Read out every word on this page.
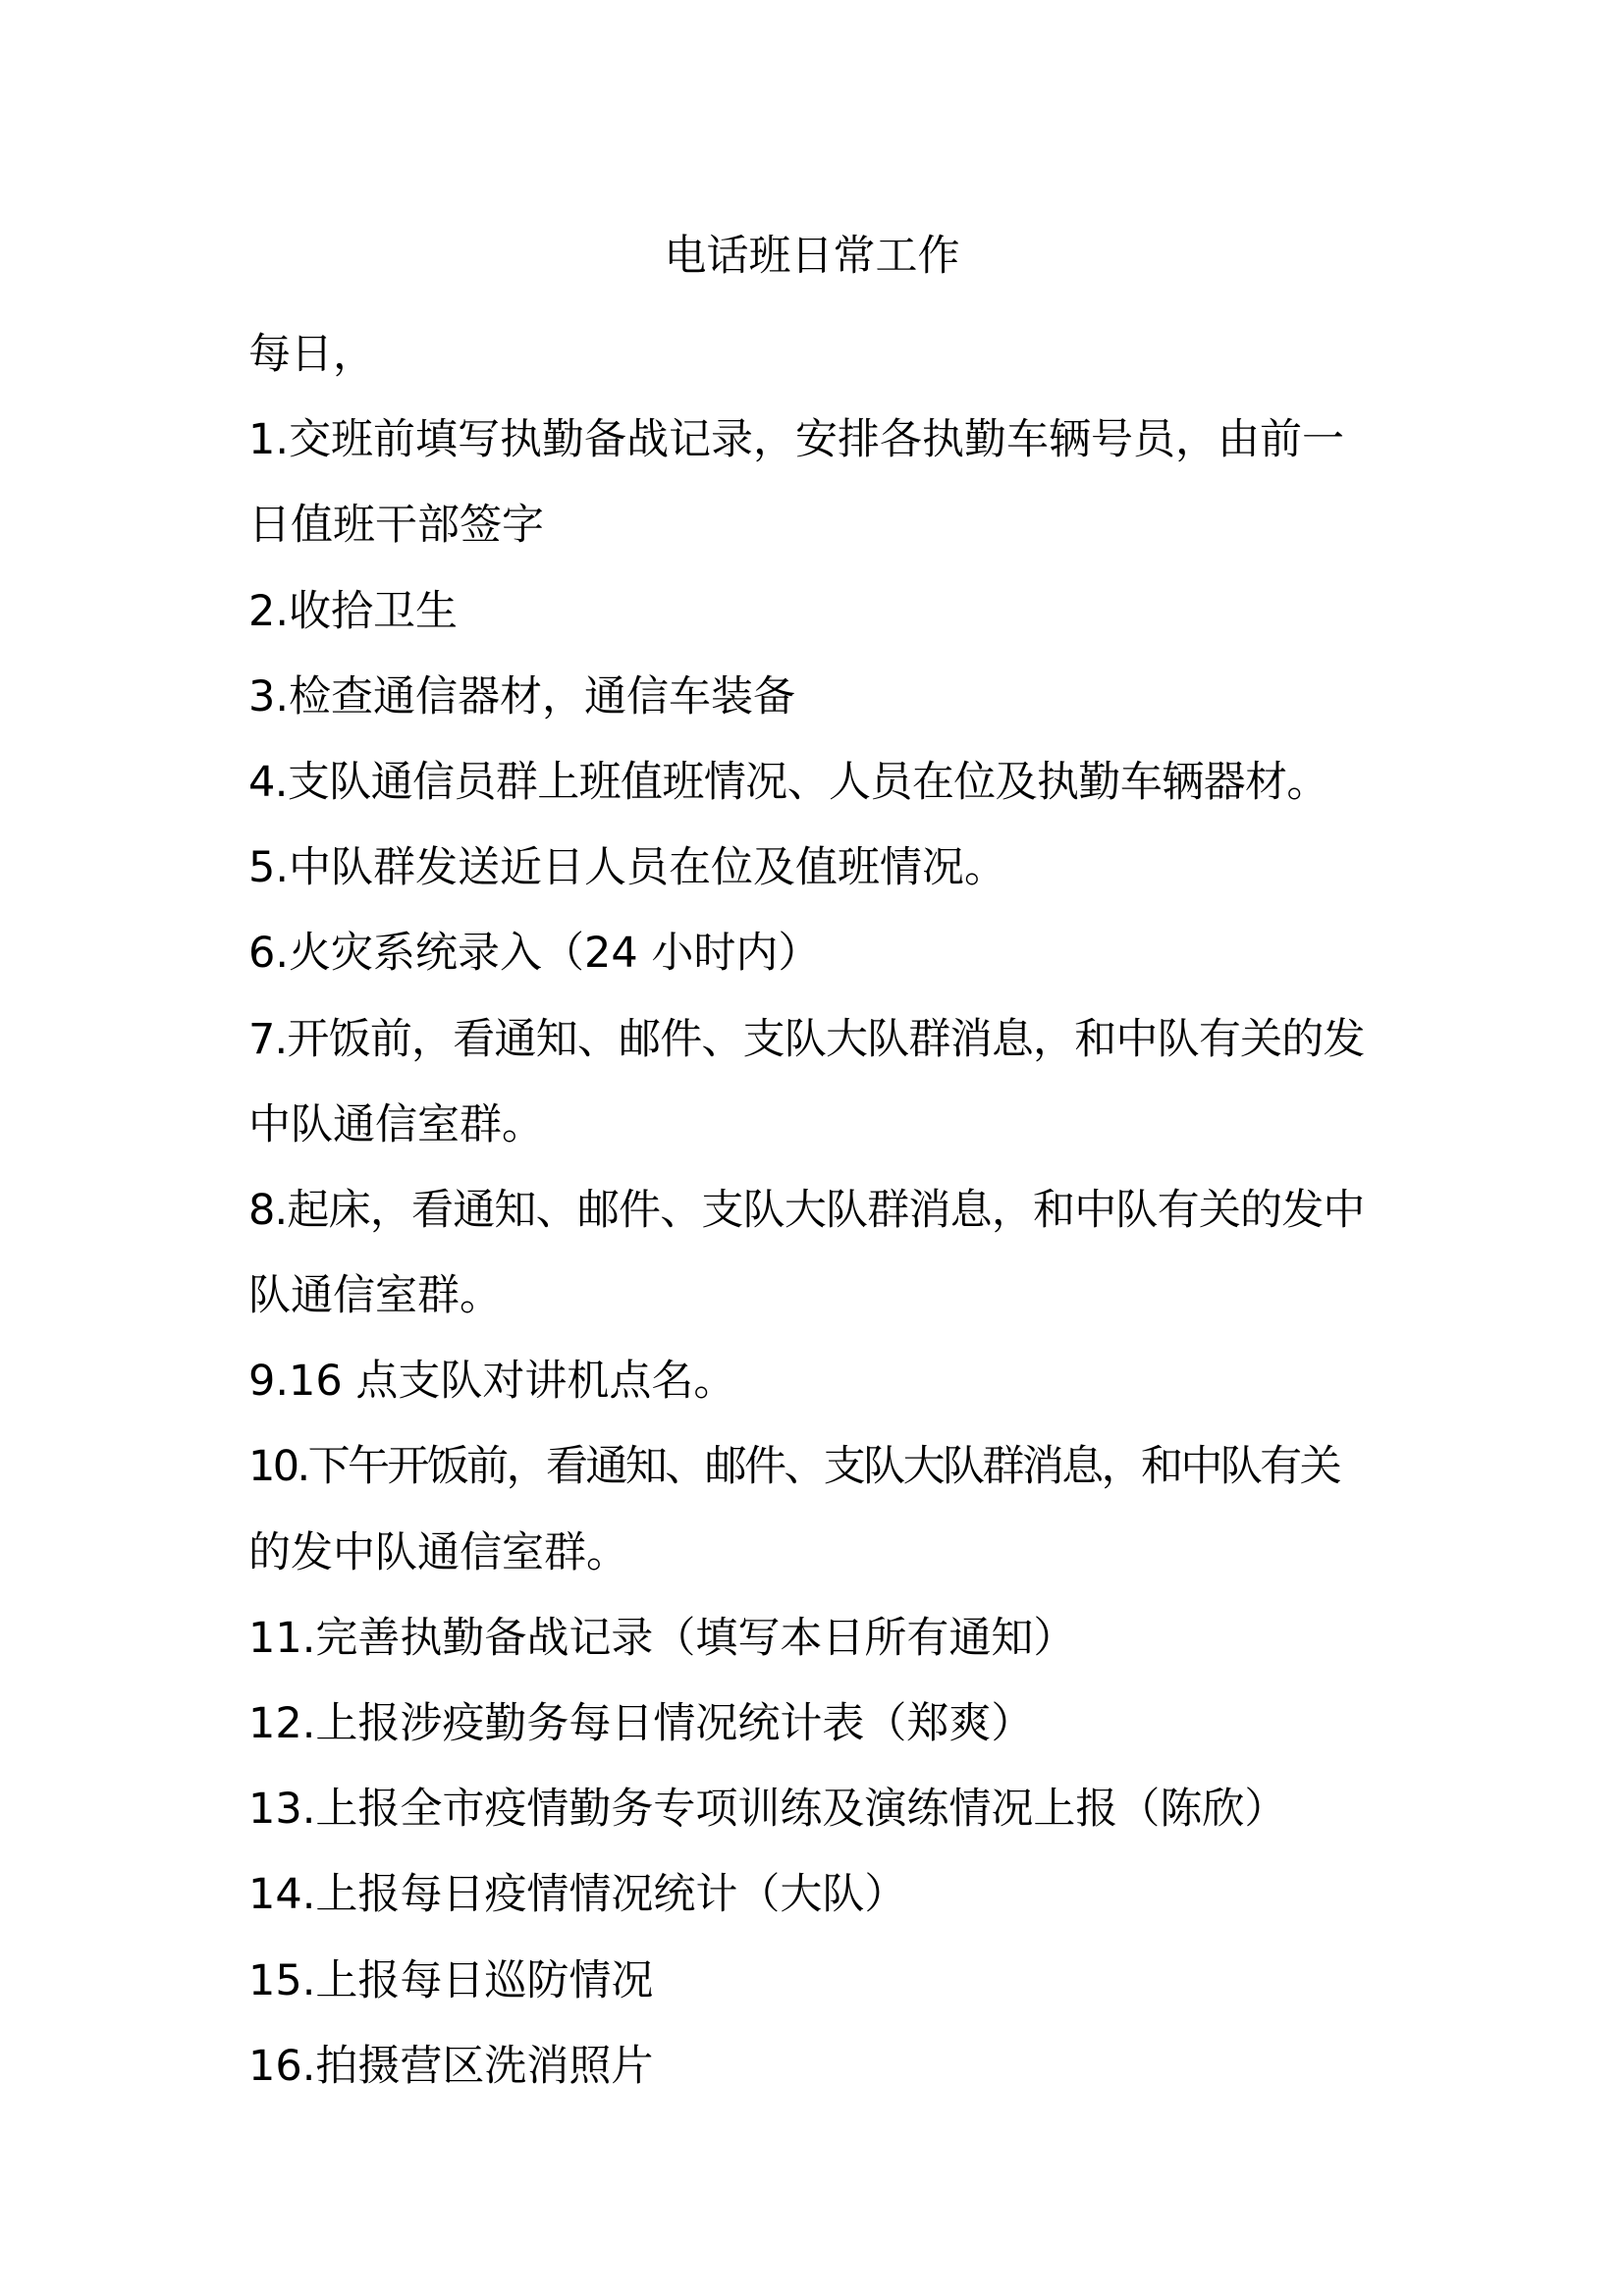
电话班日常工作
每日，
1.交班前填写执勤备战记录，安排各执勤车辆号员，由前一
日值班干部签字
2.收拾卫生
3.检查通信器材，通信车装备
4.支队通信员群上班值班情况、人员在位及执勤车辆器材。
5.中队群发送近日人员在位及值班情况。
6.火灾系统录入（24 小时内）
7.开饭前，看通知、邮件、支队大队群消息，和中队有关的发
中队通信室群。
8.起床，看通知、邮件、支队大队群消息，和中队有关的发中
队通信室群。
9.16 点支队对讲机点名。
10.下午开饭前，看通知、邮件、支队大队群消息，和中队有关
的发中队通信室群。
11.完善执勤备战记录（填写本日所有通知）
12.上报涉疫勤务每日情况统计表（郑爽）
13.上报全市疫情勤务专项训练及演练情况上报（陈欣）
14.上报每日疫情情况统计（大队）
15.上报每日巡防情况
16.拍摄营区洗消照片
